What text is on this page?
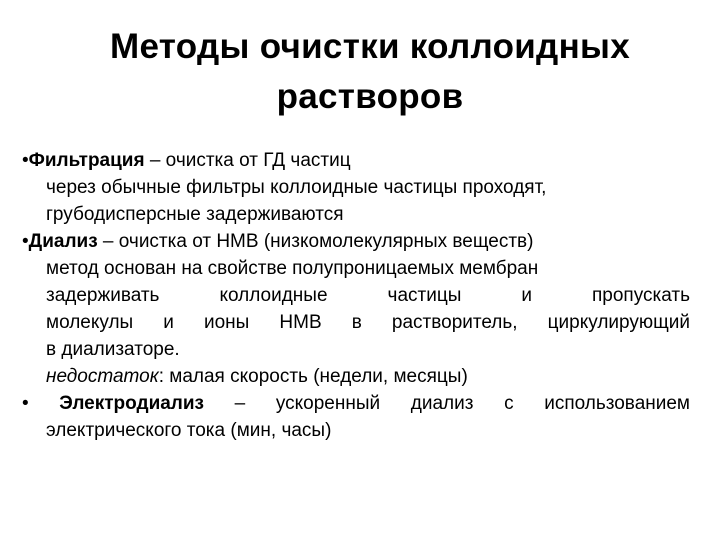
Методы очистки коллоидных
растворов
•Фильтрация – очистка от ГД частиц
через обычные фильтры коллоидные частицы проходят,
грубодисперсные задерживаются
•Диализ – очистка от НМВ (низкомолекулярных веществ)
метод основан на свойстве полупроницаемых мембран
задерживать коллоидные частицы и пропускать
молекулы и ионы НМВ в растворитель, циркулирующий
в диализаторе.
недостаток: малая скорость (недели, месяцы)
• Электродиализ – ускоренный диализ с использованием
электрического тока (мин, часы)
